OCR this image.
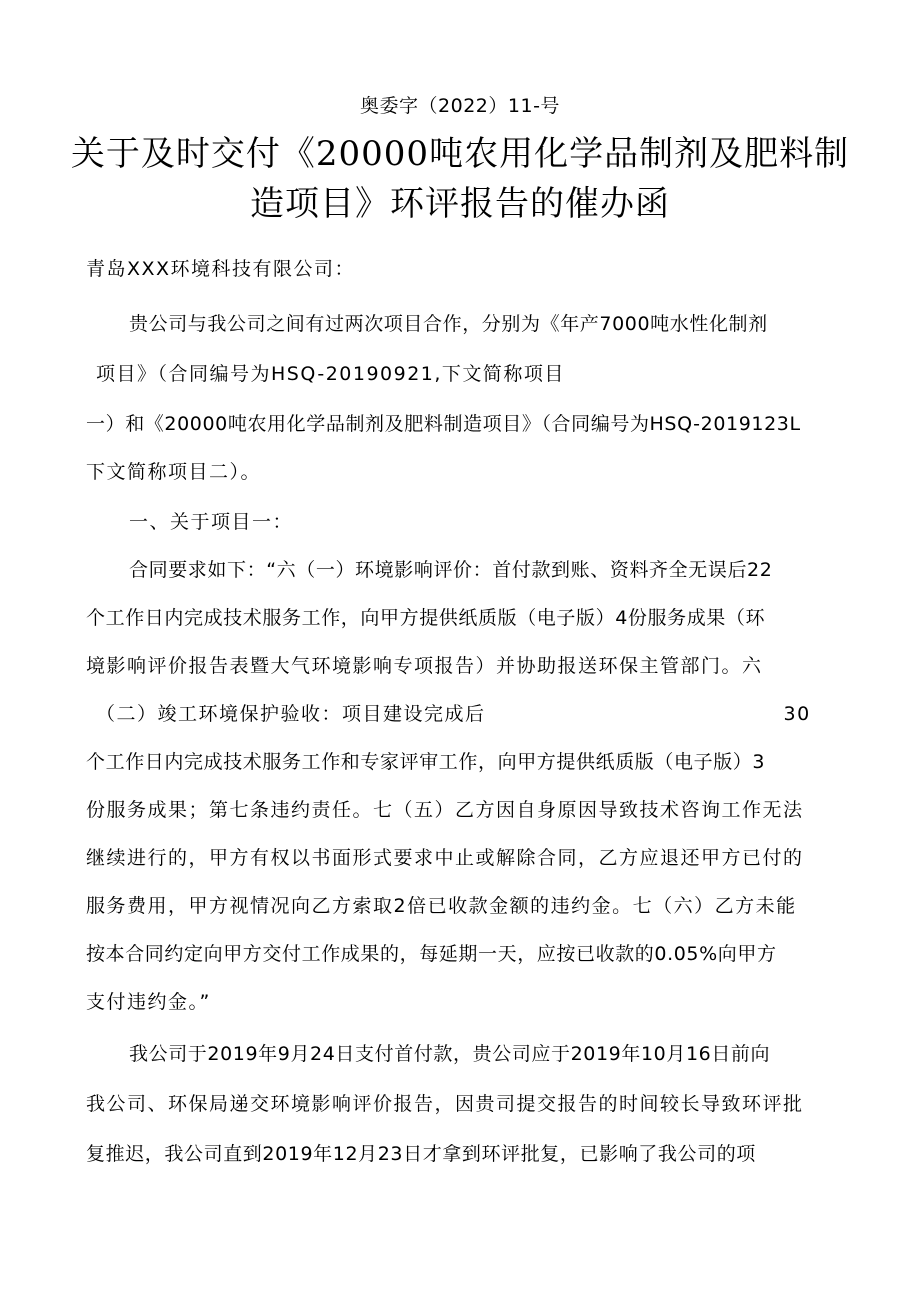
奥委字（2022）11-号
关于及时交付《20000吨农用化学品制剂及肥料制
造项目》环评报告的催办函
青岛XXX环境科技有限公司：
贵公司与我公司之间有过两次项目合作，分别为《年产7000吨水性化制剂
项目》（合同编号为HSQ-20190921,下文简称项目
一）和《20000吨农用化学品制剂及肥料制造项目》（合同编号为HSQ-2019123L
下文简称项目二）。
一、关于项目一：
合同要求如下：“六（一）环境影响评价：首付款到账、资料齐全无误后22
个工作日内完成技术服务工作，向甲方提供纸质版（电子版）4份服务成果（环
境影响评价报告表暨大气环境影响专项报告）并协助报送环保主管部门。六
（二）竣工环境保护验收：项目建设完成后	30
个工作日内完成技术服务工作和专家评审工作，向甲方提供纸质版（电子版）3
份服务成果；第七条违约责任。七（五）乙方因自身原因导致技术咨询工作无法
继续进行的，甲方有权以书面形式要求中止或解除合同，乙方应退还甲方已付的
服务费用，甲方视情况向乙方索取2倍已收款金额的违约金。七（六）乙方未能
按本合同约定向甲方交付工作成果的，每延期一天，应按已收款的0.05%向甲方
支付违约金。”
我公司于2019年9月24日支付首付款，贵公司应于2019年10月16日前向
我公司、环保局递交环境影响评价报告，因贵司提交报告的时间较长导致环评批
复推迟，我公司直到2019年12月23日才拿到环评批复，已影响了我公司的项
